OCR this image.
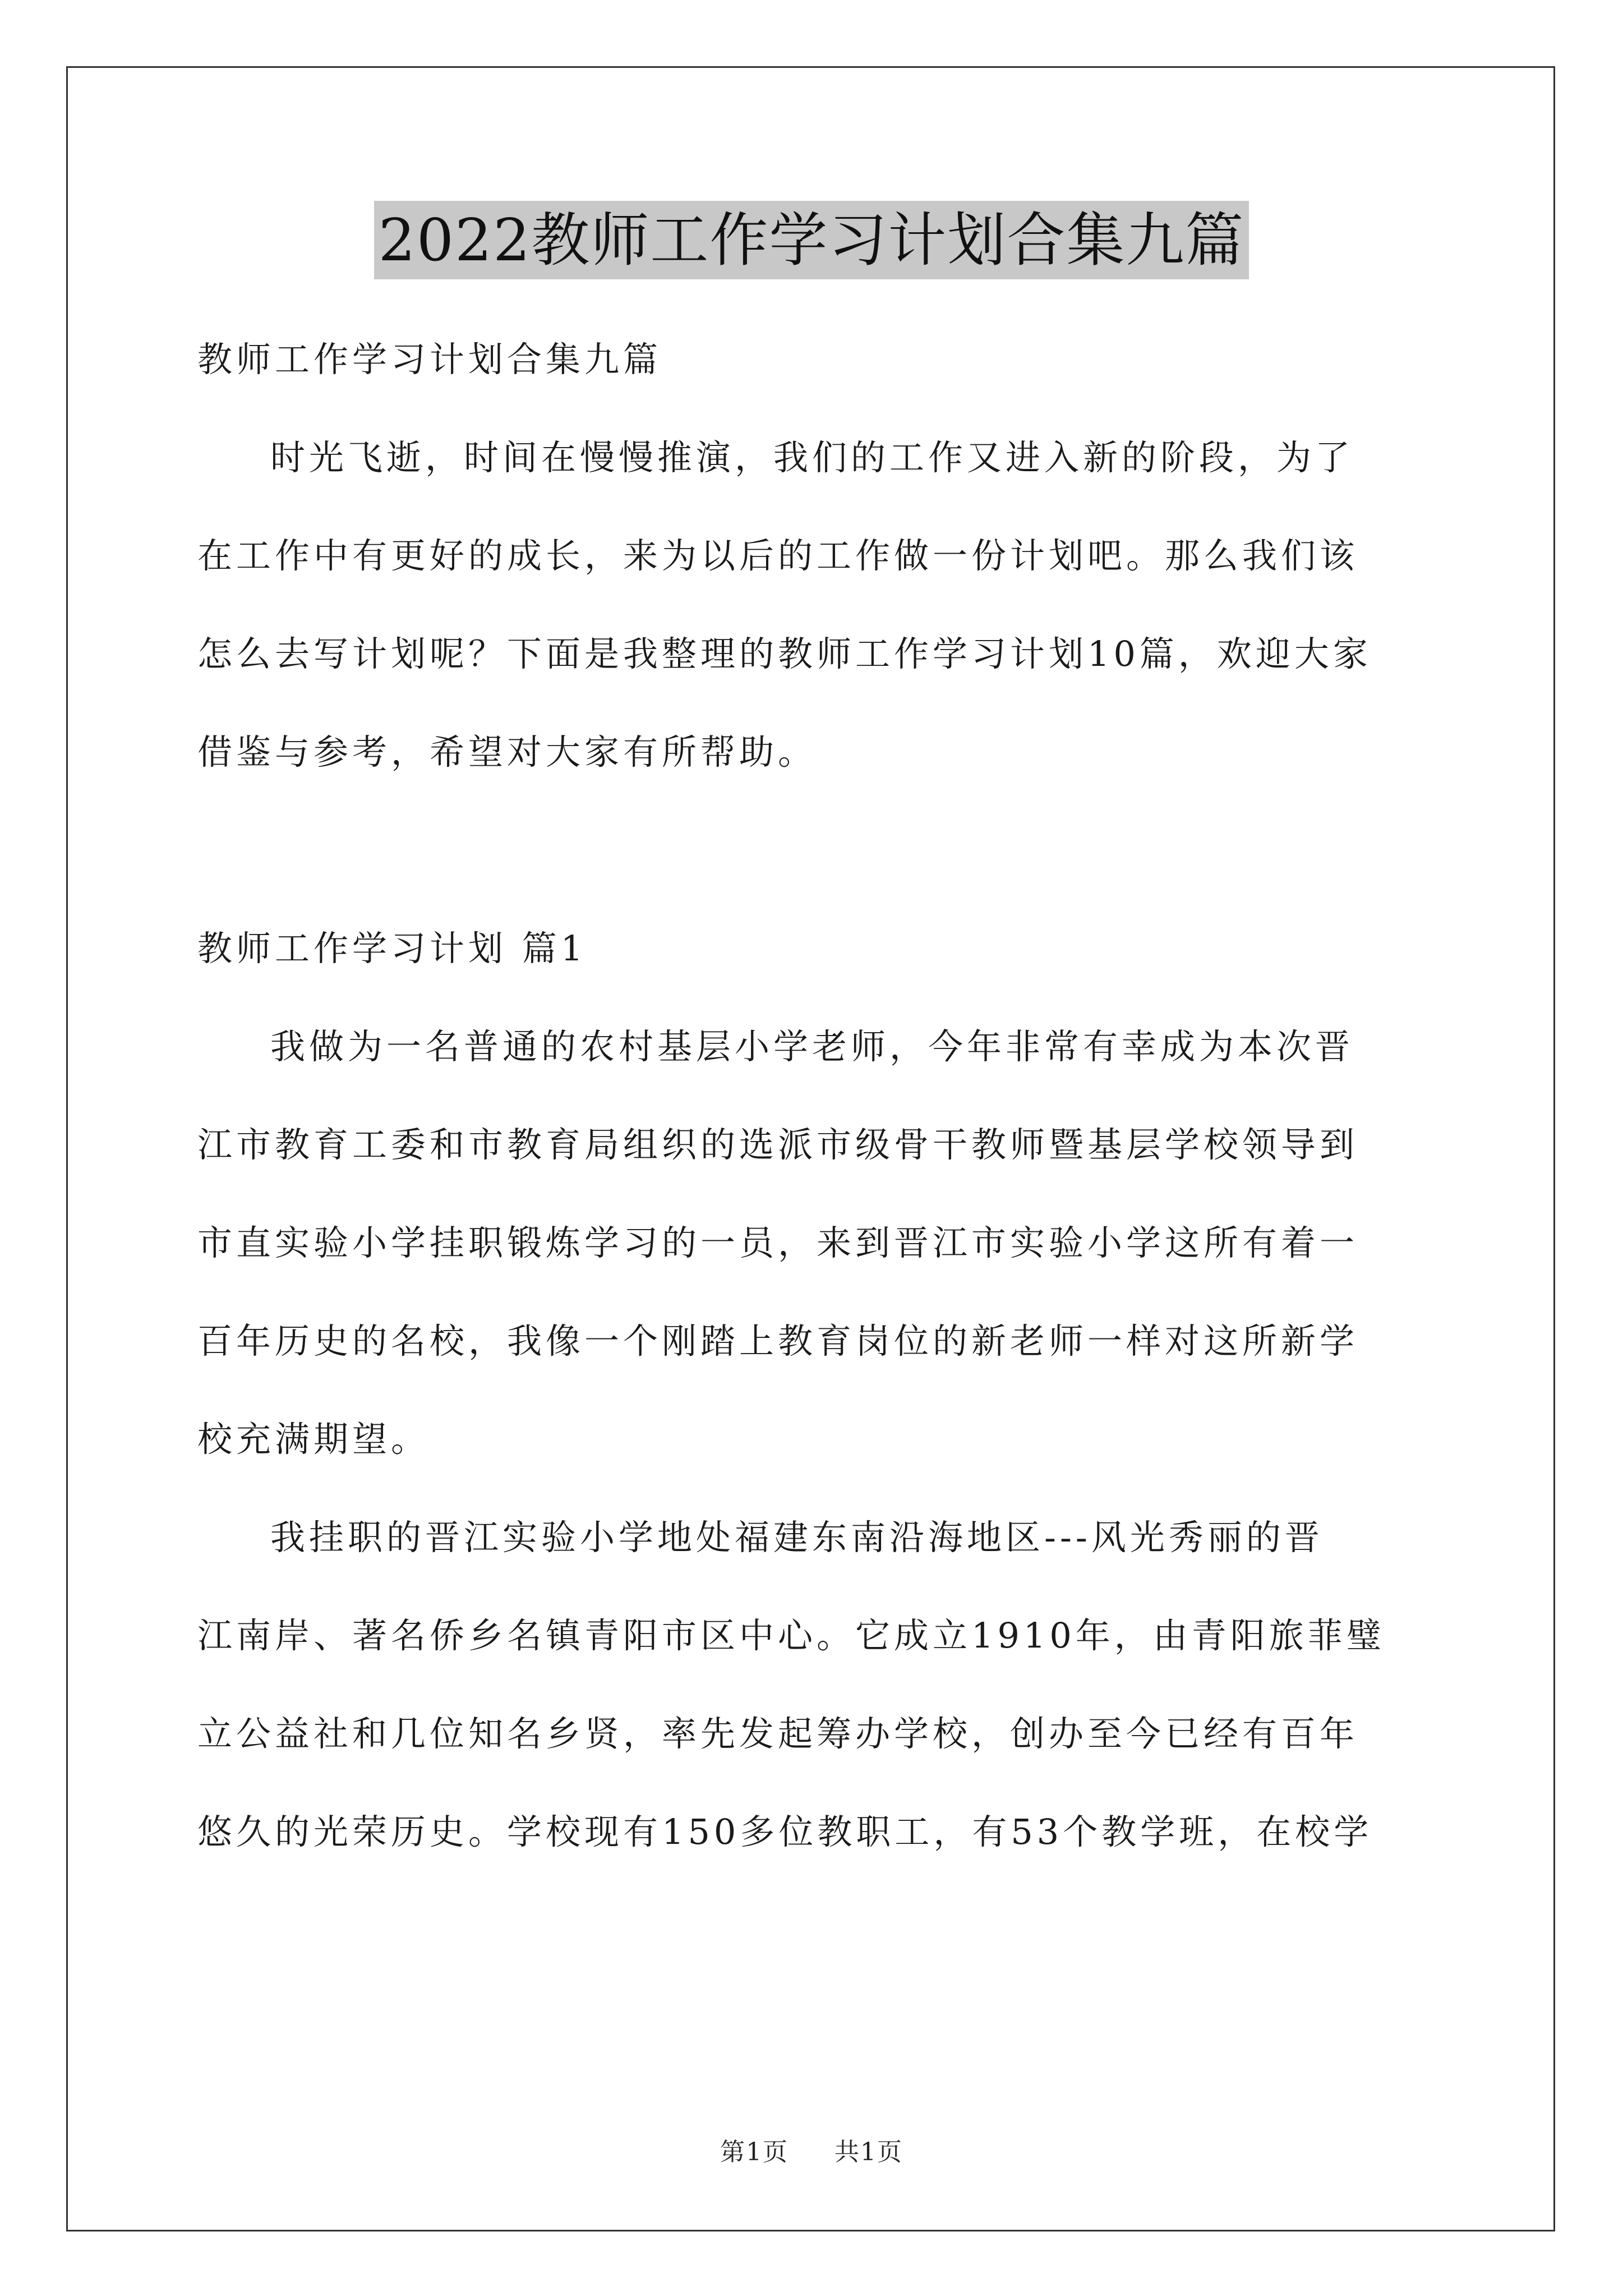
2022教师工作学习计划合集九篇
教师工作学习计划合集九篇
时光飞逝，时间在慢慢推演，我们的工作又进入新的阶段，为了
在工作中有更好的成长，来为以后的工作做一份计划吧。那么我们该
怎么去写计划呢？下面是我整理的教师工作学习计划10篇，欢迎大家
借鉴与参考，希望对大家有所帮助。
教师工作学习计划 篇1
我做为一名普通的农村基层小学老师，今年非常有幸成为本次晋
江市教育工委和市教育局组织的选派市级骨干教师暨基层学校领导到
市直实验小学挂职锻炼学习的一员，来到晋江市实验小学这所有着一
百年历史的名校，我像一个刚踏上教育岗位的新老师一样对这所新学
校充满期望。
我挂职的晋江实验小学地处福建东南沿海地区---风光秀丽的晋
江南岸、著名侨乡名镇青阳市区中心。它成立1910年，由青阳旅菲璧
立公益社和几位知名乡贤，率先发起筹办学校，创办至今已经有百年
悠久的光荣历史。学校现有150多位教职工，有53个教学班，在校学
第1页 共1页
